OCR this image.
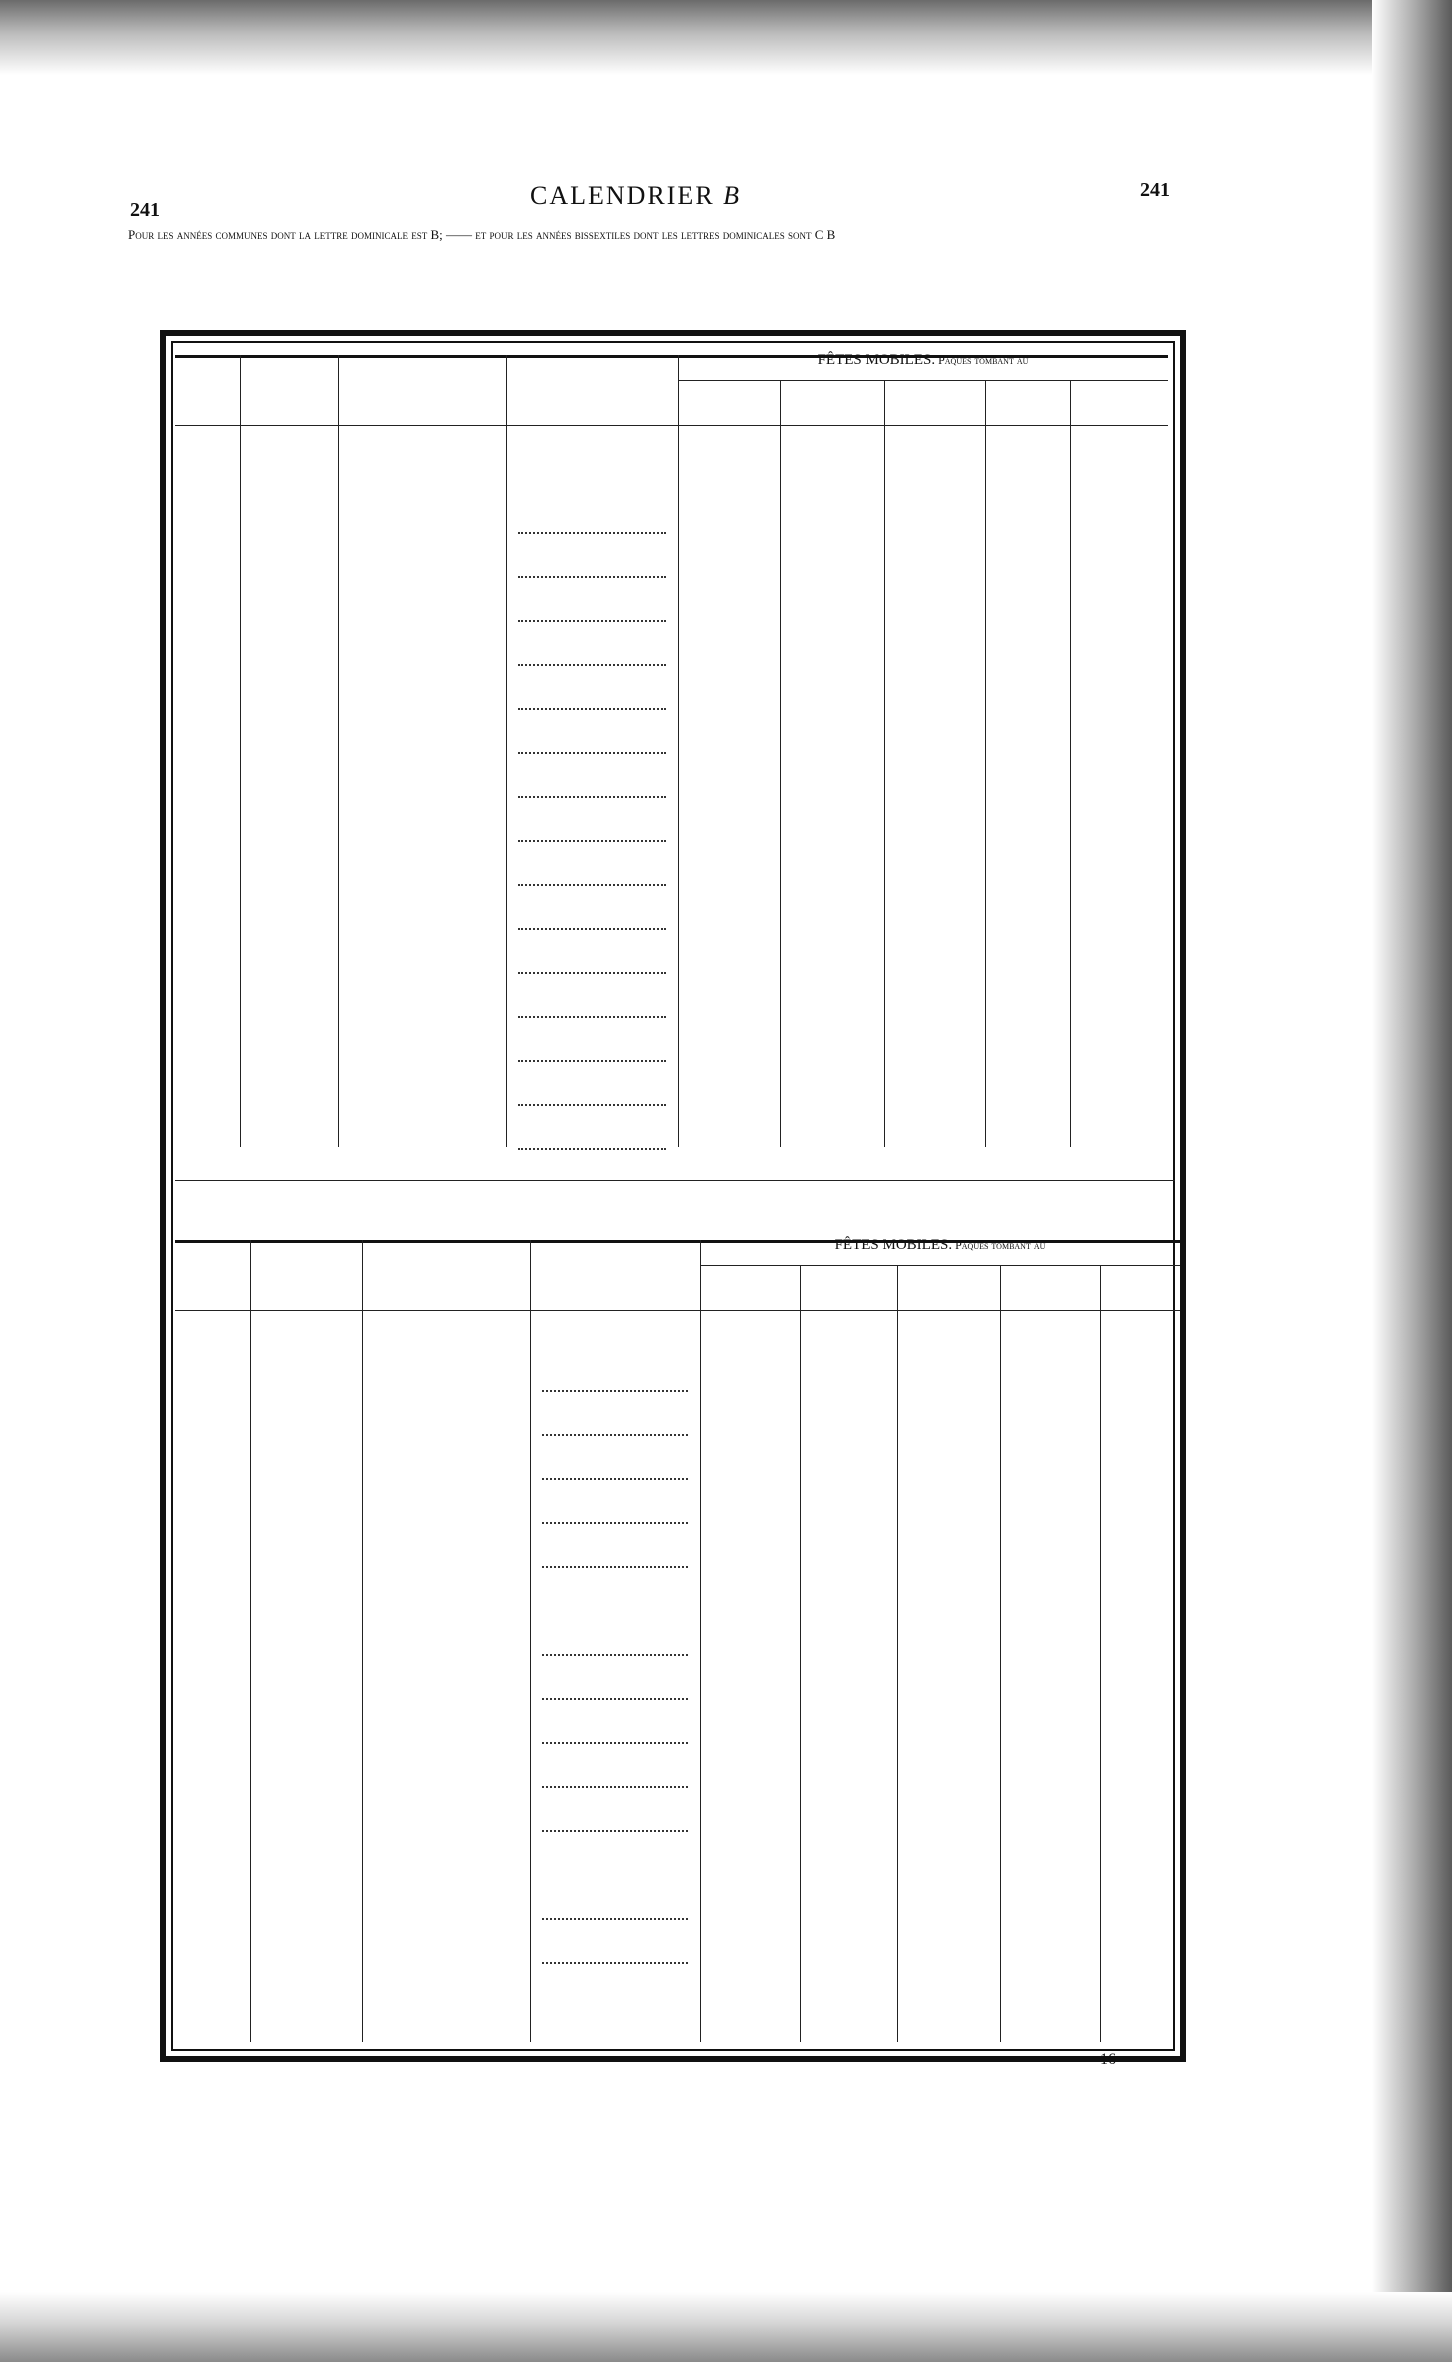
241	CALENDRIER B	241
Pour les années communes dont la lettre dominicale est B; —— et pour les années bissextiles dont les lettres dominicales sont C B
FÊTES MOBILES. Paques tombant au
FÊTES MOBILES. Paques tombant au
16
